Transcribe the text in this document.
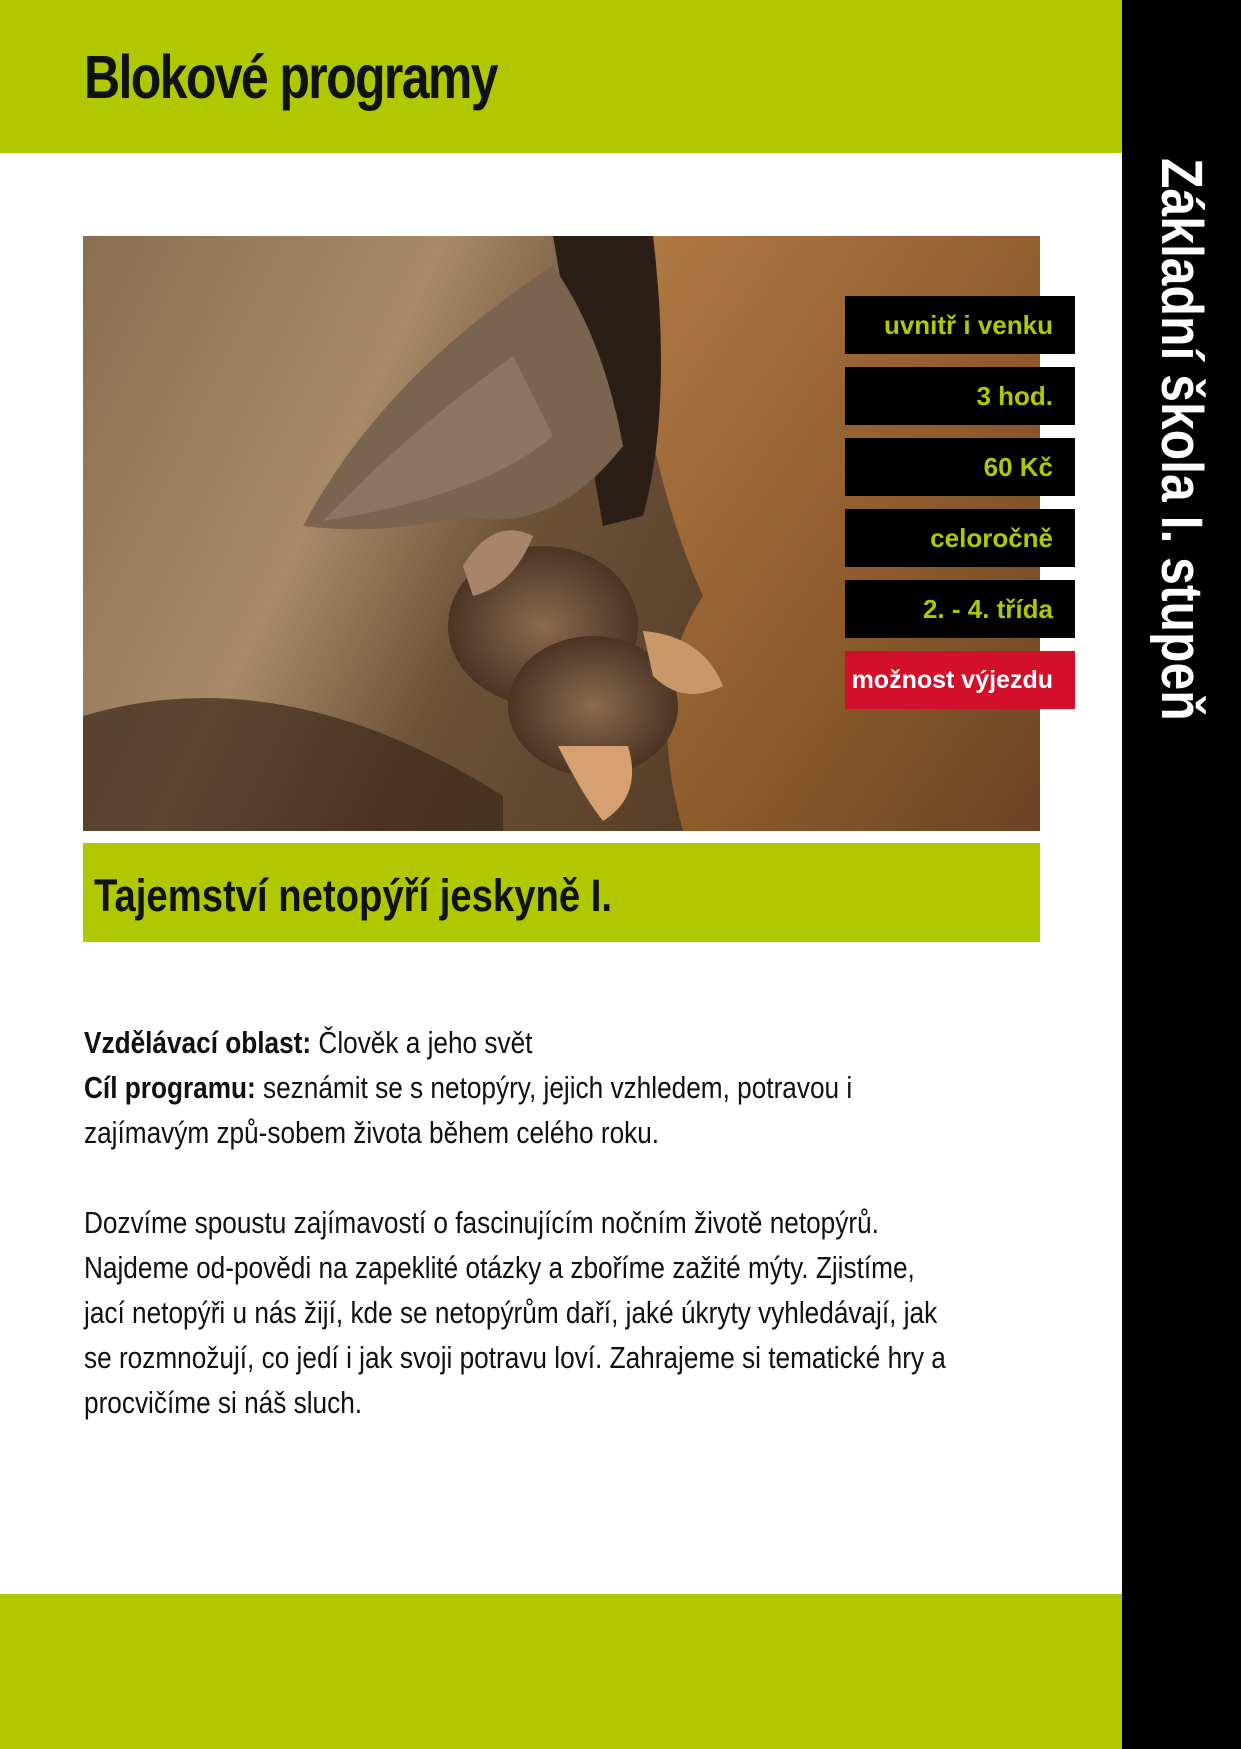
Blokové programy
Základní škola I. stupeň
uvnitř i venku
3 hod.
60 Kč
celoročně
2. - 4. třída
možnost výjezdu
Tajemství netopýří jeskyně I.
Vzdělávací oblast: Člověk a jeho svět
Cíl programu: seznámit se s netopýry, jejich vzhledem, potravou i zajímavým způ-sobem života během celého roku.
Dozvíme spoustu zajímavostí o fascinujícím nočním životě netopýrů. Najdeme od-povědi na zapeklité otázky a zboříme zažité mýty. Zjistíme, jací netopýři u nás žijí, kde se netopýrům daří, jaké úkryty vyhledávají, jak se rozmnožují, co jedí i jak svoji potravu loví. Zahrajeme si tematické hry a procvičíme si náš sluch.
